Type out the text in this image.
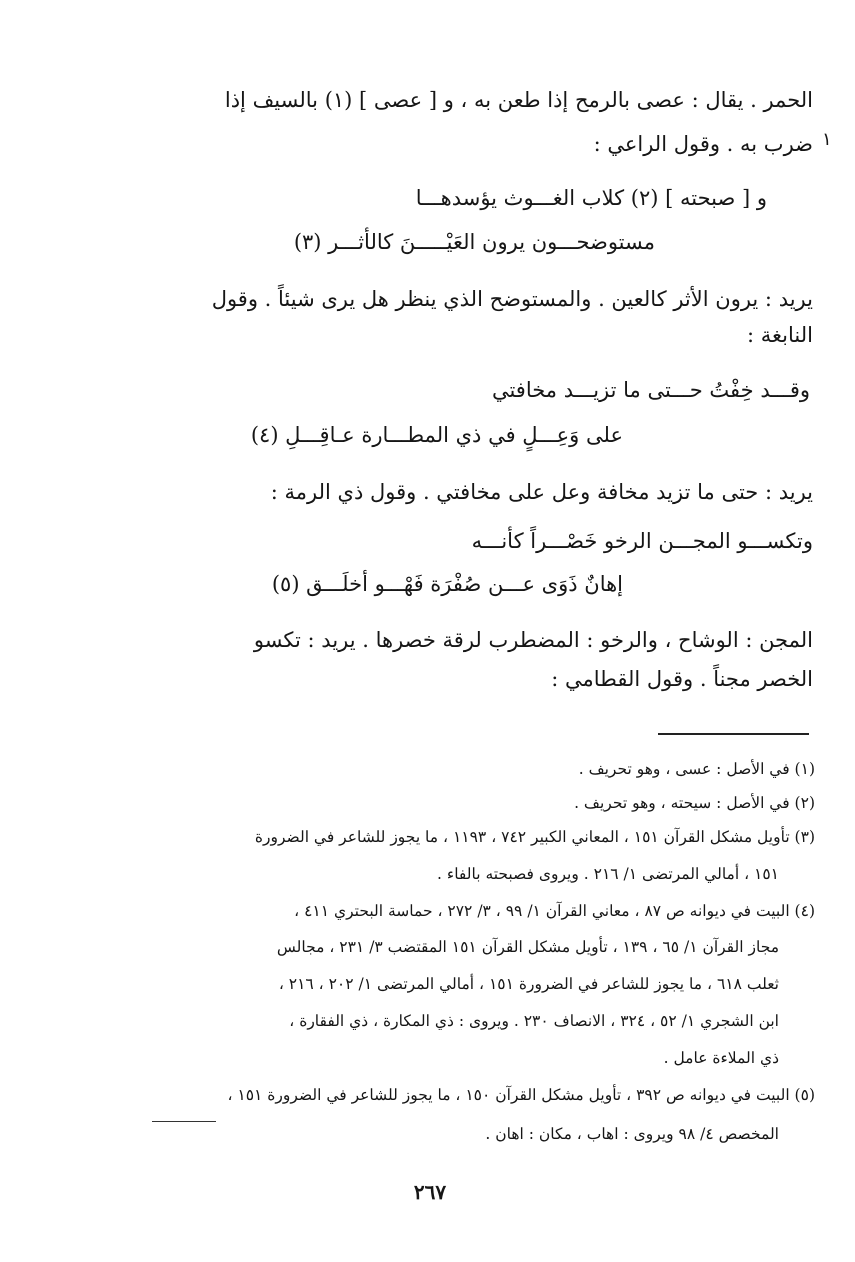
الحمر . يقال : عصى بالرمح إذا طعن به ، و [ عصى ] (١) بالسيف إذا
ضرب به . وقول الراعي : ١
و [ صبحته ] (٢) كلاب الغـــوث يؤسدهـــا
مستوضحـــون يرون العَيْـــــنَ كالأثـــر (٣)
يريد : يرون الأثر كالعين . والمستوضح الذي ينظر هل يرى شيئاً . وقول
النابغة :
وقـــد خِفْتُ حـــتى ما تزيـــد مخافتي
على وَعِـــلٍ في ذي المطـــارة عـاقِـــلِ (٤)
يريد : حتى ما تزيد مخافة وعل على مخافتي . وقول ذي الرمة :
وتكســـو المجـــن الرخو خَصْـــراً كأنـــه
إهانٌ ذَوَى عـــن صُفْرَة فَهْـــو أخلَـــق (٥)
المجن : الوشاح ، والرخو : المضطرب لرقة خصرها . يريد : تكسو
الخصر مجناً . وقول القطامي :
(١) في الأصل : عسى ، وهو تحريف .
(٢) في الأصل : سيحته ، وهو تحريف .
(٣) تأويل مشكل القرآن ١٥١ ، المعاني الكبير ٧٤٢ ، ١١٩٣ ، ما يجوز للشاعر في الضرورة
١٥١ ، أمالي المرتضى ١/ ٢١٦ . ويروى فصبحته بالفاء .
(٤) البيت في ديوانه ص ٨٧ ، معاني القرآن ١/ ٩٩ ، ٣/ ٢٧٢ ، حماسة البحتري ٤١١ ،
مجاز القرآن ١/ ٦٥ ، ١٣٩ ، تأويل مشكل القرآن ١٥١ المقتضب ٣/ ٢٣١ ، مجالس
ثعلب ٦١٨ ، ما يجوز للشاعر في الضرورة ١٥١ ، أمالي المرتضى ١/ ٢٠٢ ، ٢١٦ ،
ابن الشجري ١/ ٥٢ ، ٣٢٤ ، الانصاف ٢٣٠ . ويروى : ذي المكارة ، ذي الفقارة ،
ذي الملاءة عامل .
(٥) البيت في ديوانه ص ٣٩٢ ، تأويل مشكل القرآن ١٥٠ ، ما يجوز للشاعر في الضرورة ١٥١ ،
المخصص ٤/ ٩٨ ويروى : اهاب ، مكان : اهان .
٢٦٧
